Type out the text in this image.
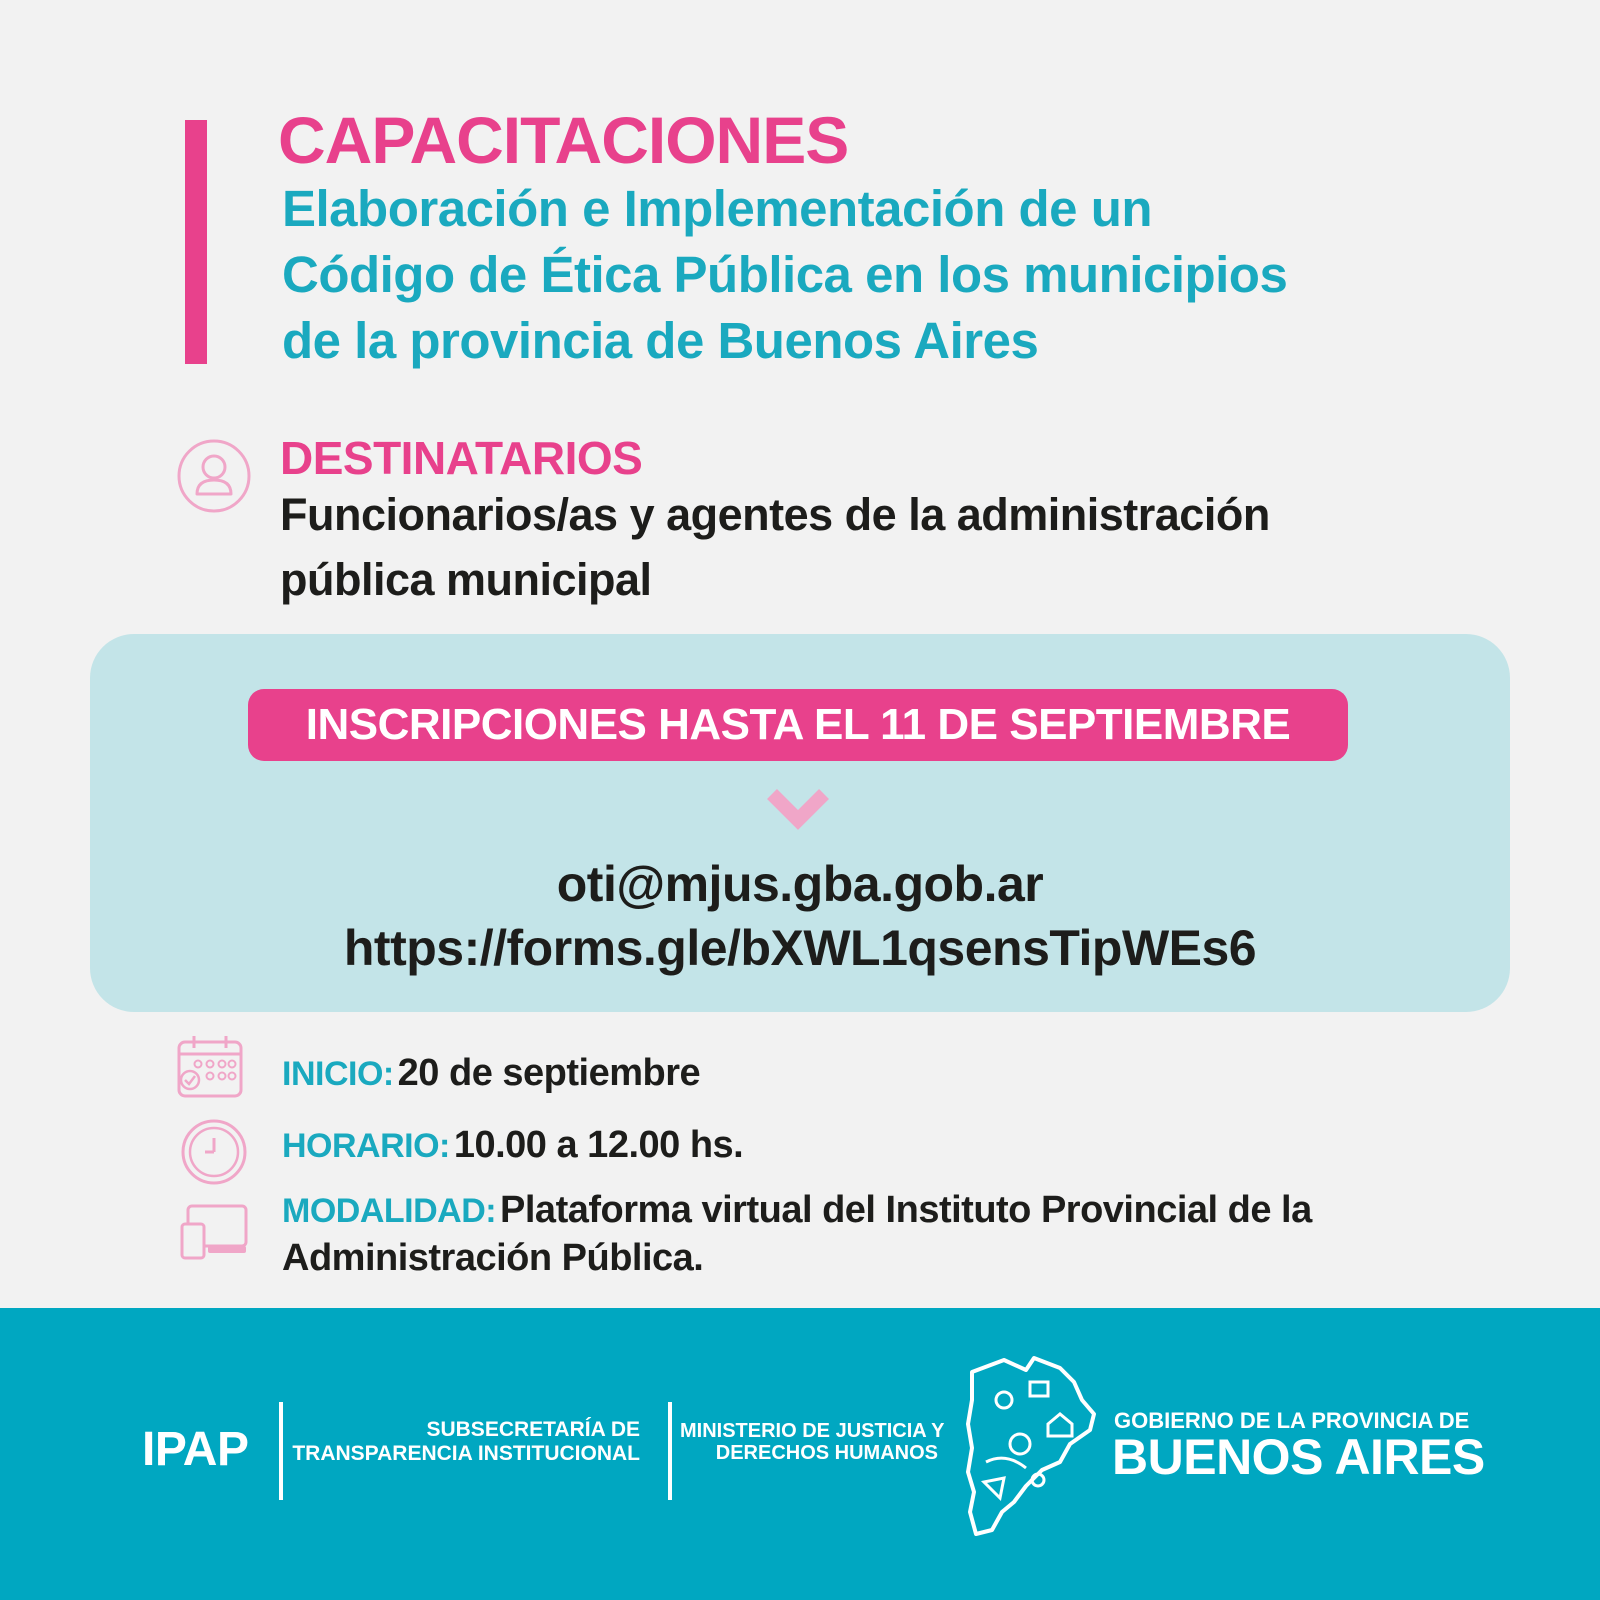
CAPACITACIONES
Elaboración e Implementación de un
Código de Ética Pública en los municipios
de la provincia de Buenos Aires
DESTINATARIOS
Funcionarios/as y agentes de la administración
pública municipal
INSCRIPCIONES HASTA EL 11 DE SEPTIEMBRE
oti@mjus.gba.gob.ar
https://forms.gle/bXWL1qsensTipWEs6
INICIO: 20 de septiembre
HORARIO: 10.00 a 12.00 hs.
MODALIDAD: Plataforma virtual del Instituto Provincial de la Administración Pública.
IPAP	SUBSECRETARÍA DE
TRANSPARENCIA INSTITUCIONAL
MINISTERIO DE JUSTICIA Y
DERECHOS HUMANOS
GOBIERNO DE LA PROVINCIA DE
BUENOS AIRES
